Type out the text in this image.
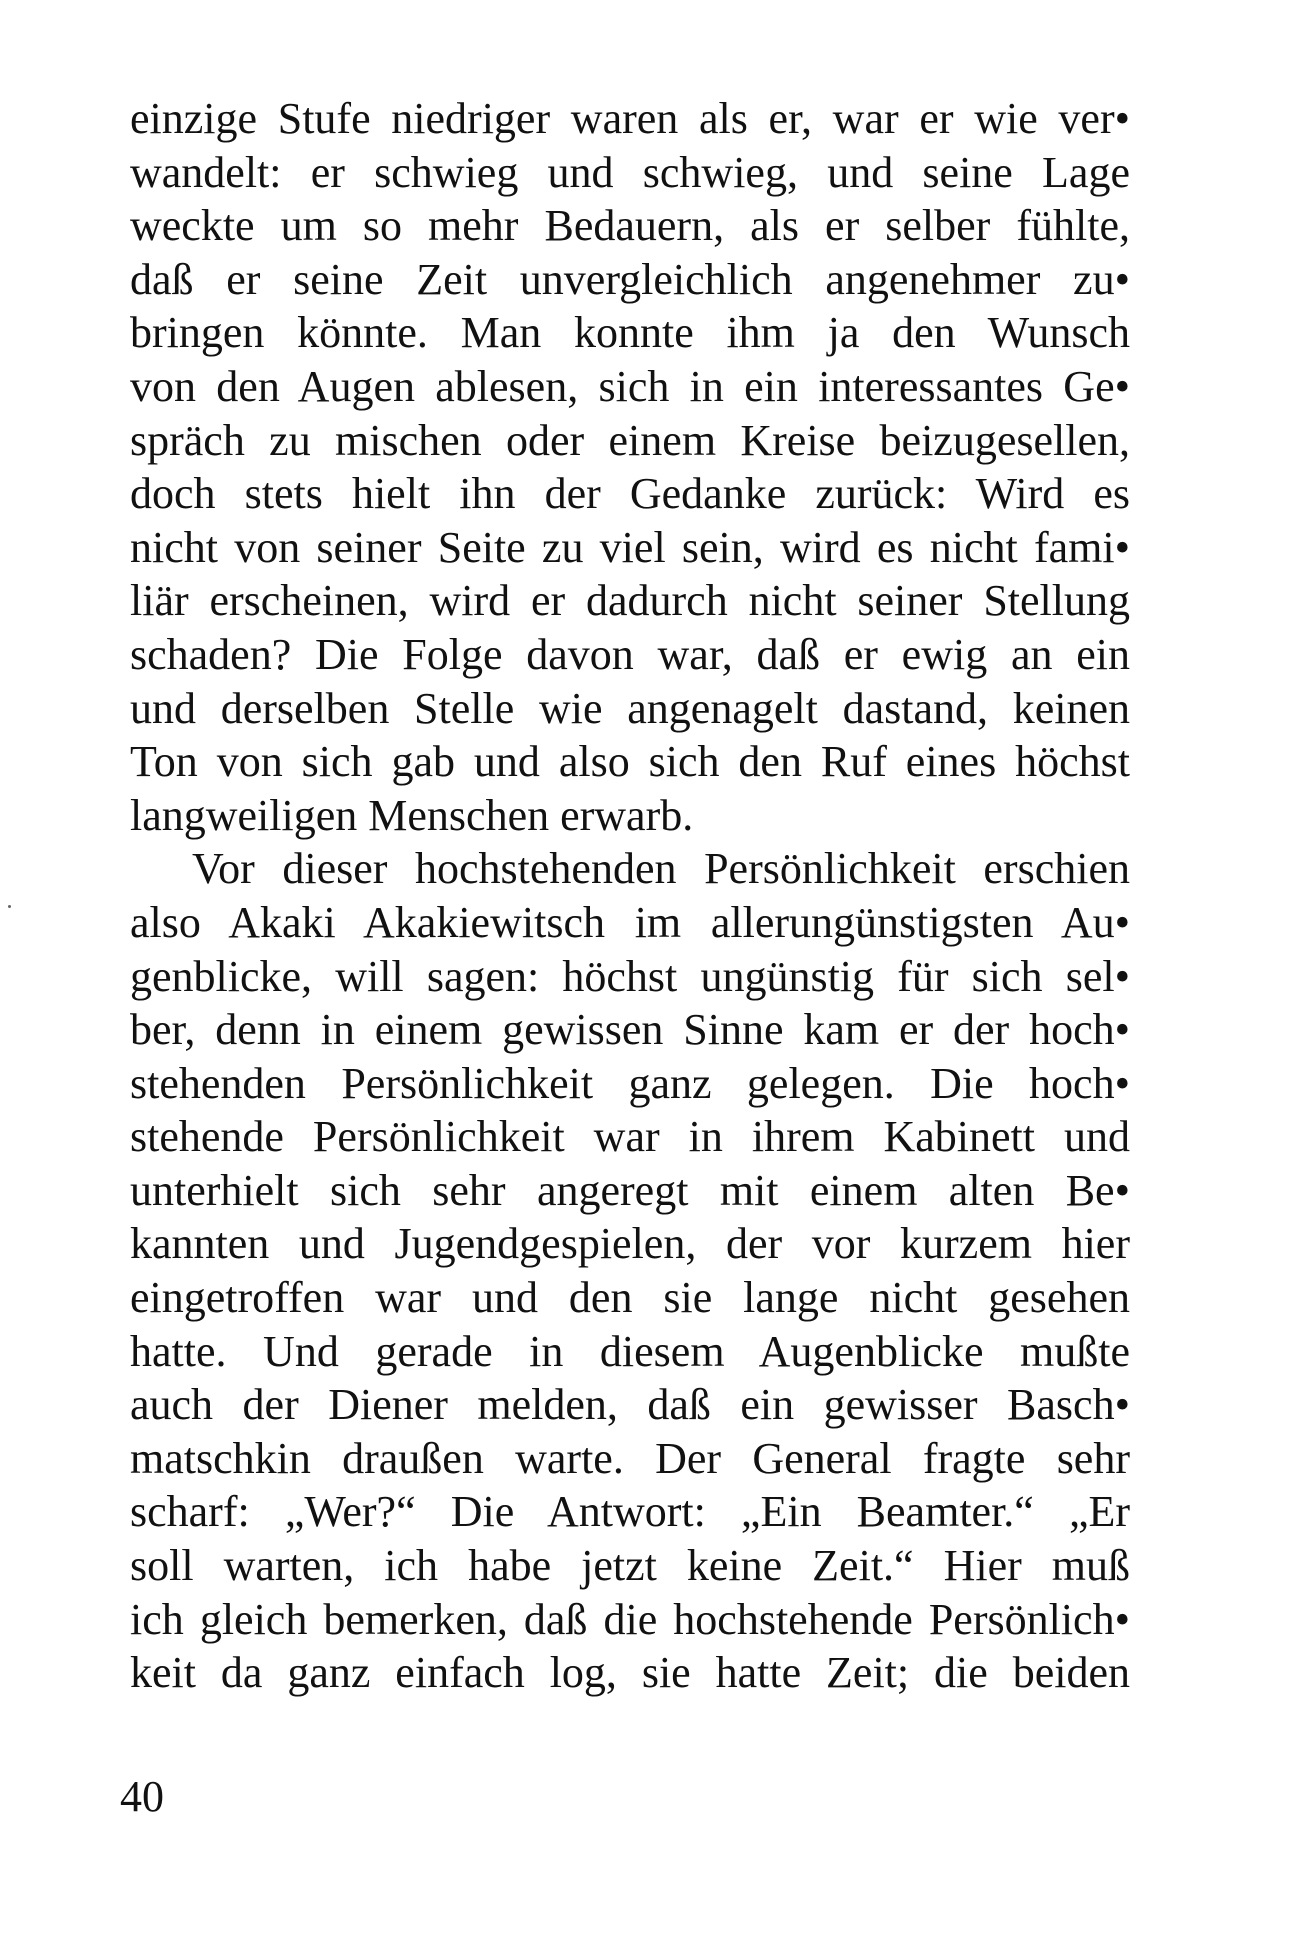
einzige Stufe niedriger waren als er, war er wie ver•
wandelt: er schwieg und schwieg, und seine Lage
weckte um so mehr Bedauern, als er selber fühlte,
daß er seine Zeit unvergleichlich angenehmer zu•
bringen könnte. Man konnte ihm ja den Wunsch
von den Augen ablesen, sich in ein interessantes Ge•
spräch zu mischen oder einem Kreise beizugesellen,
doch stets hielt ihn der Gedanke zurück: Wird es
nicht von seiner Seite zu viel sein, wird es nicht fami•
liär erscheinen, wird er dadurch nicht seiner Stellung
schaden? Die Folge davon war, daß er ewig an ein
und derselben Stelle wie angenagelt dastand, keinen
Ton von sich gab und also sich den Ruf eines höchst
langweiligen Menschen erwarb.
Vor dieser hochstehenden Persönlichkeit erschien
also Akaki Akakiewitsch im allerungünstigsten Au•
genblicke, will sagen: höchst ungünstig für sich sel•
ber, denn in einem gewissen Sinne kam er der hoch•
stehenden Persönlichkeit ganz gelegen. Die hoch•
stehende Persönlichkeit war in ihrem Kabinett und
unterhielt sich sehr angeregt mit einem alten Be•
kannten und Jugendgespielen, der vor kurzem hier
eingetroffen war und den sie lange nicht gesehen
hatte. Und gerade in diesem Augenblicke mußte
auch der Diener melden, daß ein gewisser Basch•
matschkin draußen warte. Der General fragte sehr
scharf: „Wer?“ Die Antwort: „Ein Beamter.“ „Er
soll warten, ich habe jetzt keine Zeit.“ Hier muß
ich gleich bemerken, daß die hochstehende Persönlich•
keit da ganz einfach log, sie hatte Zeit; die beiden
40
